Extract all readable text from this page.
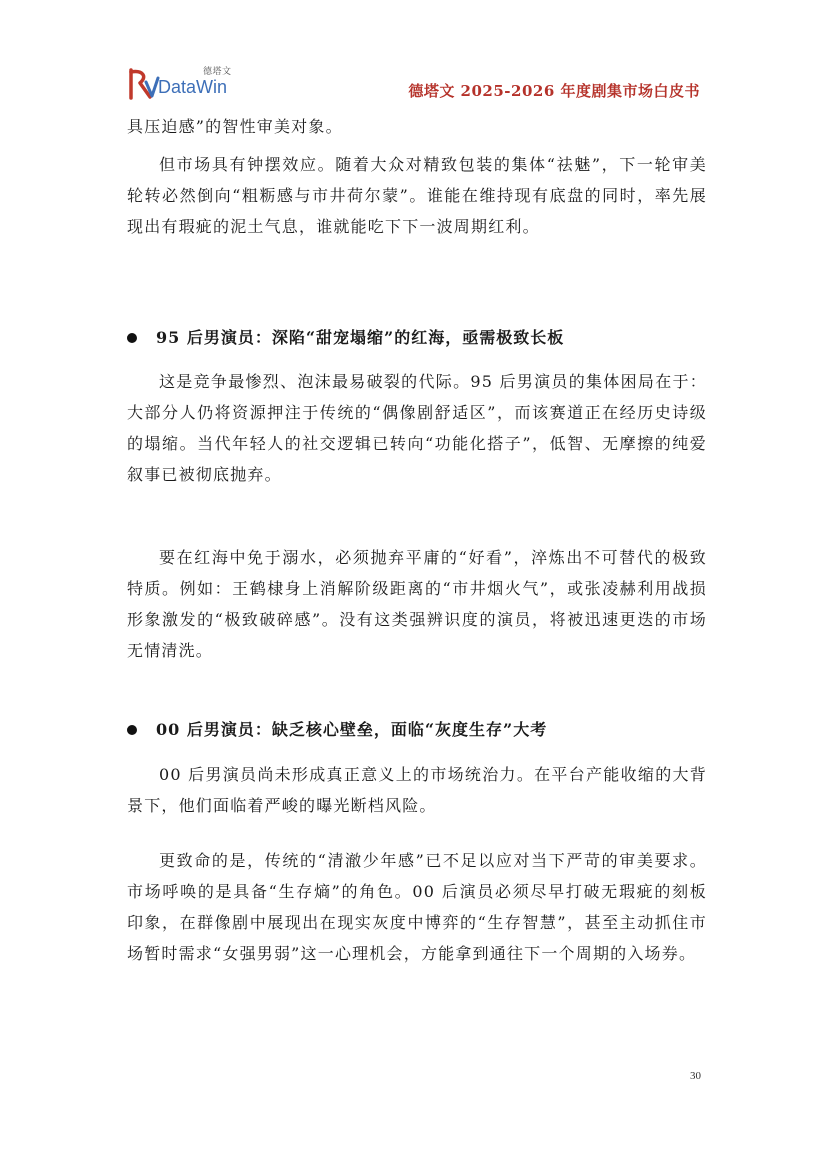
德塔文
DataWin	德塔文 2025-2026 年度剧集市场白皮书

具压迫感”的智性审美对象。

但市场具有钟摆效应。随着大众对精致包装的集体“祛魅”，下一轮审美轮转必然倒向“粗粝感与市井荷尔蒙”。谁能在维持现有底盘的同时，率先展现出有瑕疵的泥土气息，谁就能吃下下一波周期红利。

95 后男演员：深陷“甜宠塌缩”的红海，亟需极致长板

这是竞争最惨烈、泡沫最易破裂的代际。95 后男演员的集体困局在于：大部分人仍将资源押注于传统的“偶像剧舒适区”，而该赛道正在经历史诗级的塌缩。当代年轻人的社交逻辑已转向“功能化搭子”，低智、无摩擦的纯爱叙事已被彻底抛弃。

要在红海中免于溺水，必须抛弃平庸的“好看”，淬炼出不可替代的极致特质。例如：王鹤棣身上消解阶级距离的“市井烟火气”，或张凌赫利用战损形象激发的“极致破碎感”。没有这类强辨识度的演员，将被迅速更迭的市场无情清洗。

00 后男演员：缺乏核心壁垒，面临“灰度生存”大考

00 后男演员尚未形成真正意义上的市场统治力。在平台产能收缩的大背景下，他们面临着严峻的曝光断档风险。

更致命的是，传统的“清澈少年感”已不足以应对当下严苛的审美要求。市场呼唤的是具备“生存熵”的角色。00 后演员必须尽早打破无瑕疵的刻板印象，在群像剧中展现出在现实灰度中博弈的“生存智慧”，甚至主动抓住市场暂时需求“女强男弱”这一心理机会，方能拿到通往下一个周期的入场券。

30
